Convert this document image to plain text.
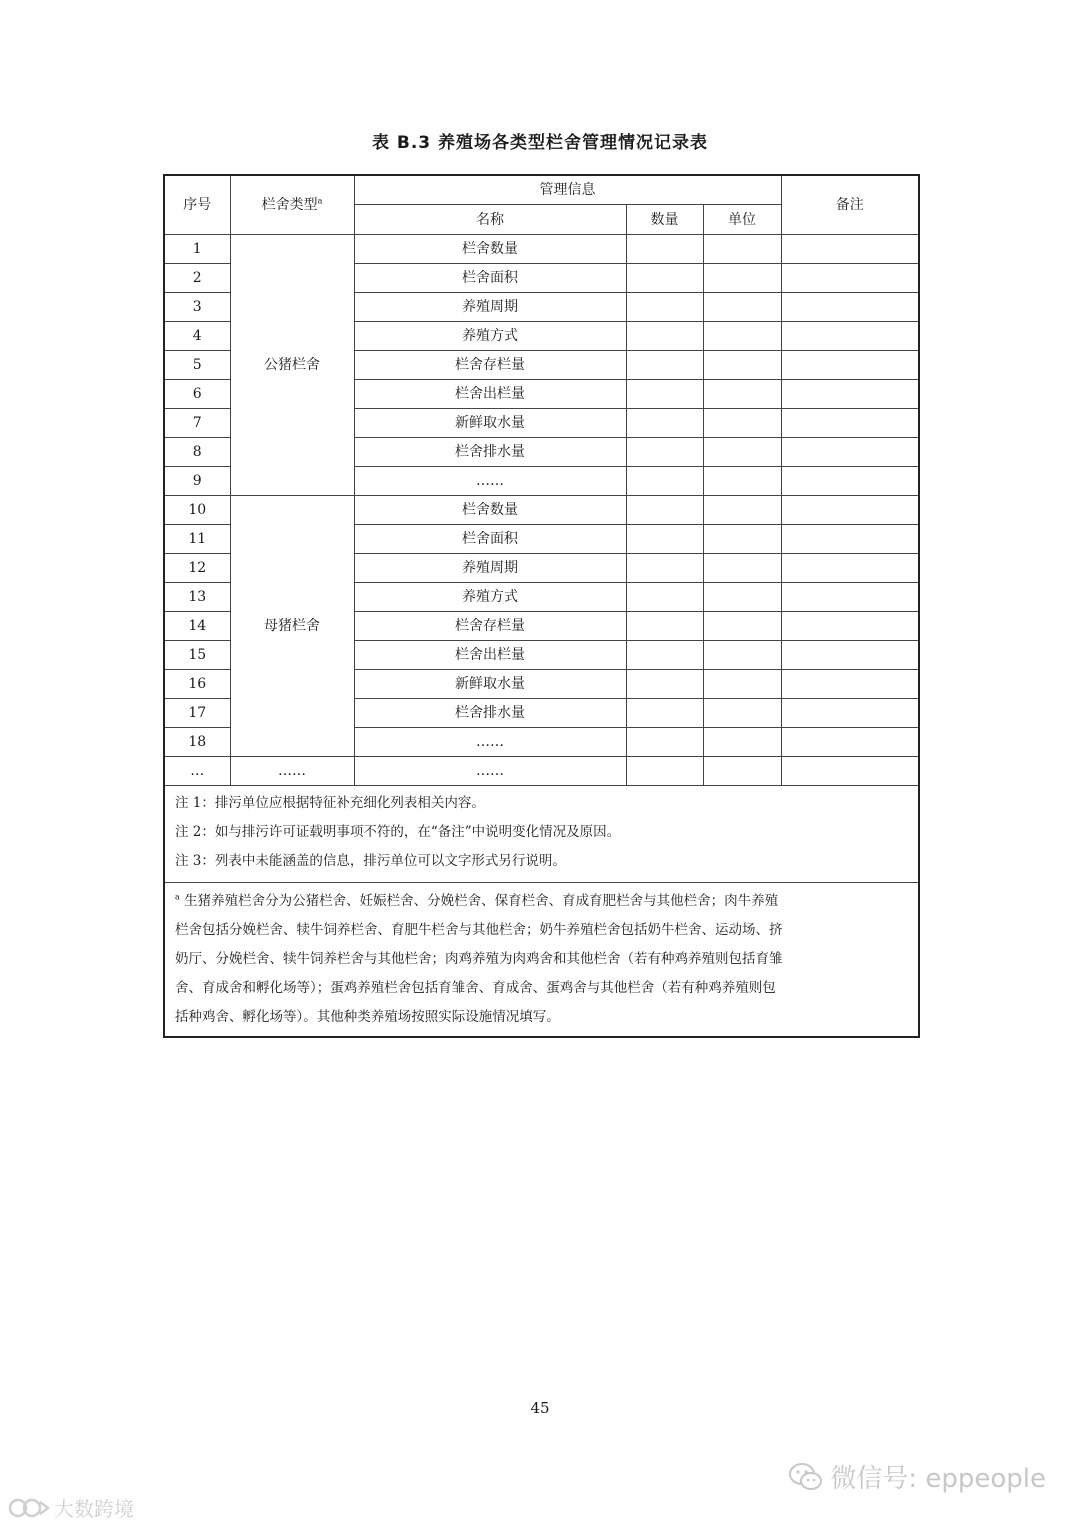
表 B.3 养殖场各类型栏舍管理情况记录表
序号	栏舍类型$^a$	管理信息			备注
		名称	数量	单位	
1	公猪栏舍	栏舍数量			
2		栏舍面积			
3		养殖周期			
4		养殖方式			
5		栏舍存栏量			
6		栏舍出栏量			
7		新鲜取水量			
8		栏舍排水量			
9		……			
10	母猪栏舍	栏舍数量			
11		栏舍面积			
12		养殖周期			
13		养殖方式			
14		栏舍存栏量			
15		栏舍出栏量			
16		新鲜取水量			
17		栏舍排水量			
18		……			
…	……	……			

注 1：排污单位应根据特征补充细化列表相关内容。
注 2：如与排污许可证载明事项不符的，在“备注”中说明变化情况及原因。
注 3：列表中未能涵盖的信息，排污单位可以文字形式另行说明。					

$^a$ 生猪养殖栏舍分为公猪栏舍、妊娠栏舍、分娩栏舍、保育栏舍、育成育肥栏舍与其他栏舍；肉牛养殖
栏舍包括分娩栏舍、犊牛饲养栏舍、育肥牛栏舍与其他栏舍；奶牛养殖栏舍包括奶牛栏舍、运动场、挤
奶厅、分娩栏舍、犊牛饲养栏舍与其他栏舍；肉鸡养殖为肉鸡舍和其他栏舍（若有种鸡养殖则包括育雏
舍、育成舍和孵化场等）；蛋鸡养殖栏舍包括育雏舍、育成舍、蛋鸡舍与其他栏舍（若有种鸡养殖则包
括种鸡舍、孵化场等）。其他种类养殖场按照实际设施情况填写。					
45
微信号: eppeople
大数跨境
